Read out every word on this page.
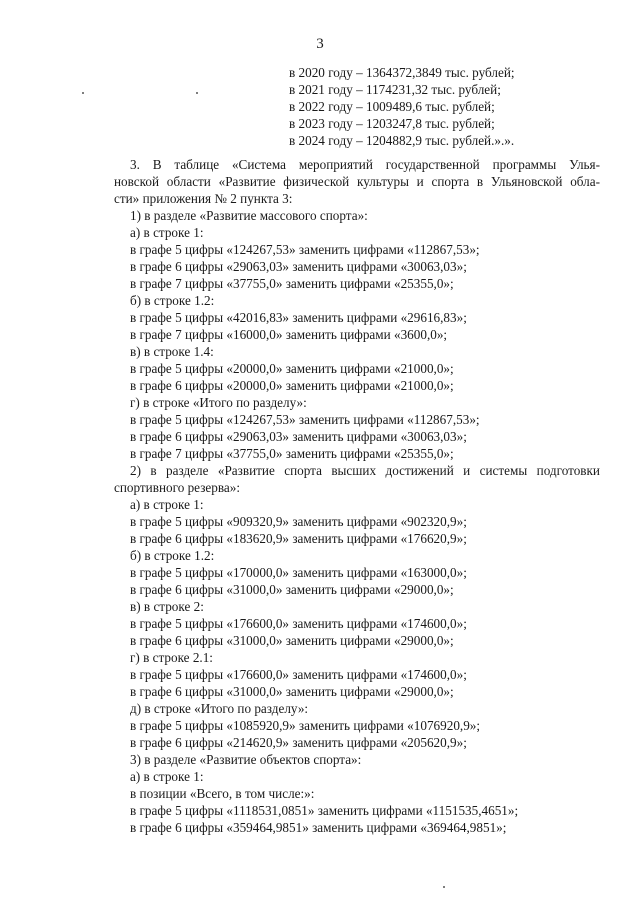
3
в 2020 году – 1364372,3849 тыс. рублей;
в 2021 году – 1174231,32 тыс. рублей;
в 2022 году – 1009489,6 тыс. рублей;
в 2023 году – 1203247,8 тыс. рублей;
в 2024 году – 1204882,9 тыс. рублей.».».
3. В таблице «Система мероприятий государственной программы Улья-
новской области «Развитие физической культуры и спорта в Ульяновской обла-
сти» приложения № 2 пункта 3:
1) в разделе «Развитие массового спорта»:
а) в строке 1:
в графе 5 цифры «124267,53» заменить цифрами «112867,53»;
в графе 6 цифры «29063,03» заменить цифрами «30063,03»;
в графе 7 цифры «37755,0» заменить цифрами «25355,0»;
б) в строке 1.2:
в графе 5 цифры «42016,83» заменить цифрами «29616,83»;
в графе 7 цифры «16000,0» заменить цифрами «3600,0»;
в) в строке 1.4:
в графе 5 цифры «20000,0» заменить цифрами «21000,0»;
в графе 6 цифры «20000,0» заменить цифрами «21000,0»;
г) в строке «Итого по разделу»:
в графе 5 цифры «124267,53» заменить цифрами «112867,53»;
в графе 6 цифры «29063,03» заменить цифрами «30063,03»;
в графе 7 цифры «37755,0» заменить цифрами «25355,0»;
2) в разделе «Развитие спорта высших достижений и системы подготовки
спортивного резерва»:
а) в строке 1:
в графе 5 цифры «909320,9» заменить цифрами «902320,9»;
в графе 6 цифры «183620,9» заменить цифрами «176620,9»;
б) в строке 1.2:
в графе 5 цифры «170000,0» заменить цифрами «163000,0»;
в графе 6 цифры «31000,0» заменить цифрами «29000,0»;
в) в строке 2:
в графе 5 цифры «176600,0» заменить цифрами «174600,0»;
в графе 6 цифры «31000,0» заменить цифрами «29000,0»;
г) в строке 2.1:
в графе 5 цифры «176600,0» заменить цифрами «174600,0»;
в графе 6 цифры «31000,0» заменить цифрами «29000,0»;
д) в строке «Итого по разделу»:
в графе 5 цифры «1085920,9» заменить цифрами «1076920,9»;
в графе 6 цифры «214620,9» заменить цифрами «205620,9»;
3) в разделе «Развитие объектов спорта»:
а) в строке 1:
в позиции «Всего, в том числе:»:
в графе 5 цифры «1118531,0851» заменить цифрами «1151535,4651»;
в графе 6 цифры «359464,9851» заменить цифрами «369464,9851»;
